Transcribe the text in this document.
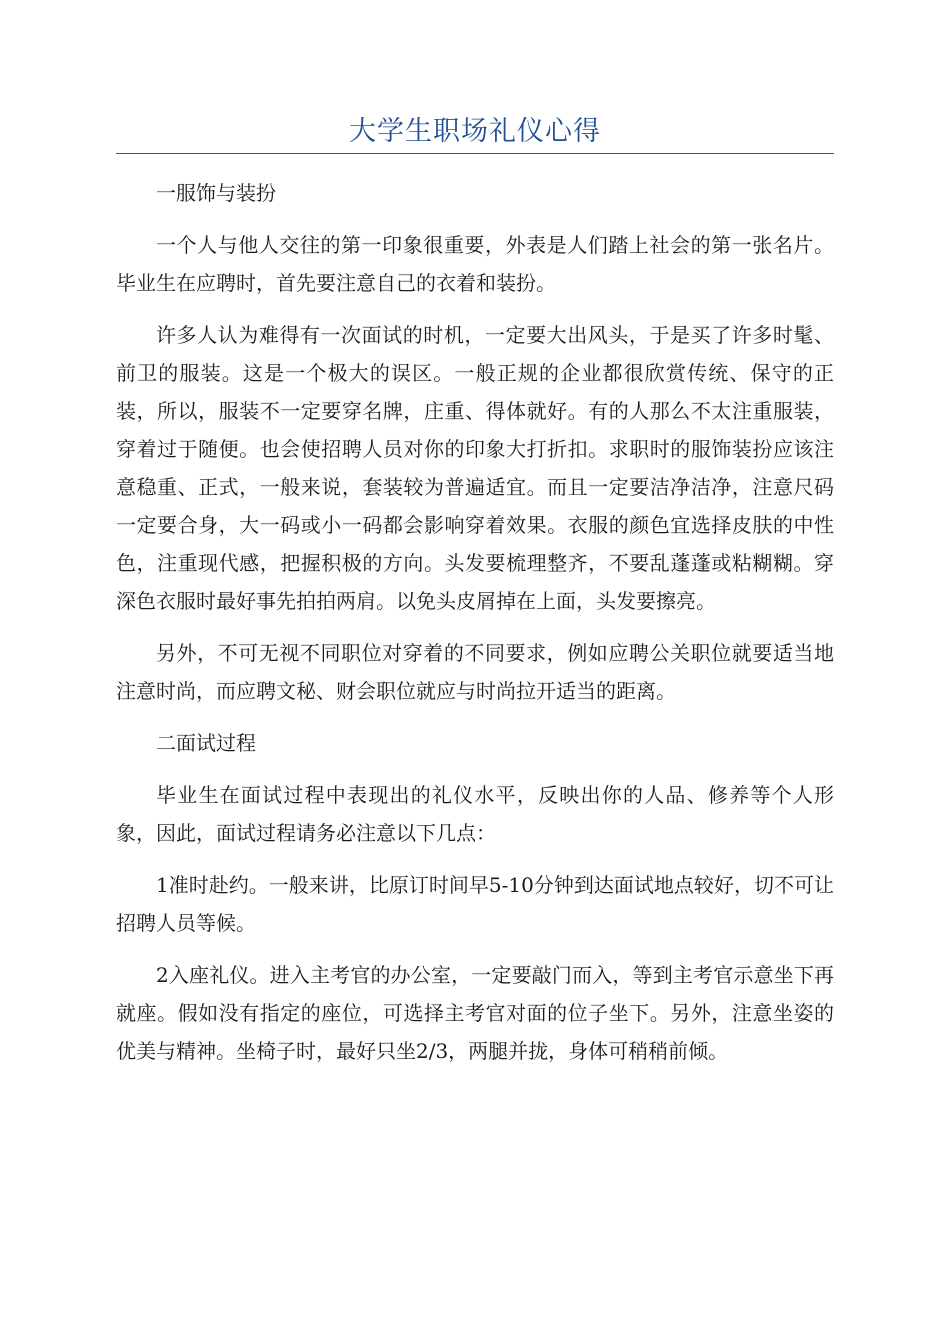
大学生职场礼仪心得

一服饰与装扮

一个人与他人交往的第一印象很重要，外表是人们踏上社会的第一张名片。毕业生在应聘时，首先要注意自己的衣着和装扮。

许多人认为难得有一次面试的时机，一定要大出风头，于是买了许多时髦、前卫的服装。这是一个极大的误区。一般正规的企业都很欣赏传统、保守的正装，所以，服装不一定要穿名牌，庄重、得体就好。有的人那么不太注重服装，穿着过于随便。也会使招聘人员对你的印象大打折扣。求职时的服饰装扮应该注意稳重、正式，一般来说，套装较为普遍适宜。而且一定要洁净洁净，注意尺码一定要合身，大一码或小一码都会影响穿着效果。衣服的颜色宜选择皮肤的中性色，注重现代感，把握积极的方向。头发要梳理整齐，不要乱蓬蓬或粘糊糊。穿深色衣服时最好事先拍拍两肩。以免头皮屑掉在上面，头发要擦亮。

另外，不可无视不同职位对穿着的不同要求，例如应聘公关职位就要适当地注意时尚，而应聘文秘、财会职位就应与时尚拉开适当的距离。

二面试过程

毕业生在面试过程中表现出的礼仪水平，反映出你的人品、修养等个人形象，因此，面试过程请务必注意以下几点：

1准时赴约。一般来讲，比原订时间早5-10分钟到达面试地点较好，切不可让招聘人员等候。

2入座礼仪。进入主考官的办公室，一定要敲门而入，等到主考官示意坐下再就座。假如没有指定的座位，可选择主考官对面的位子坐下。另外，注意坐姿的优美与精神。坐椅子时，最好只坐2/3，两腿并拢，身体可稍稍前倾。
